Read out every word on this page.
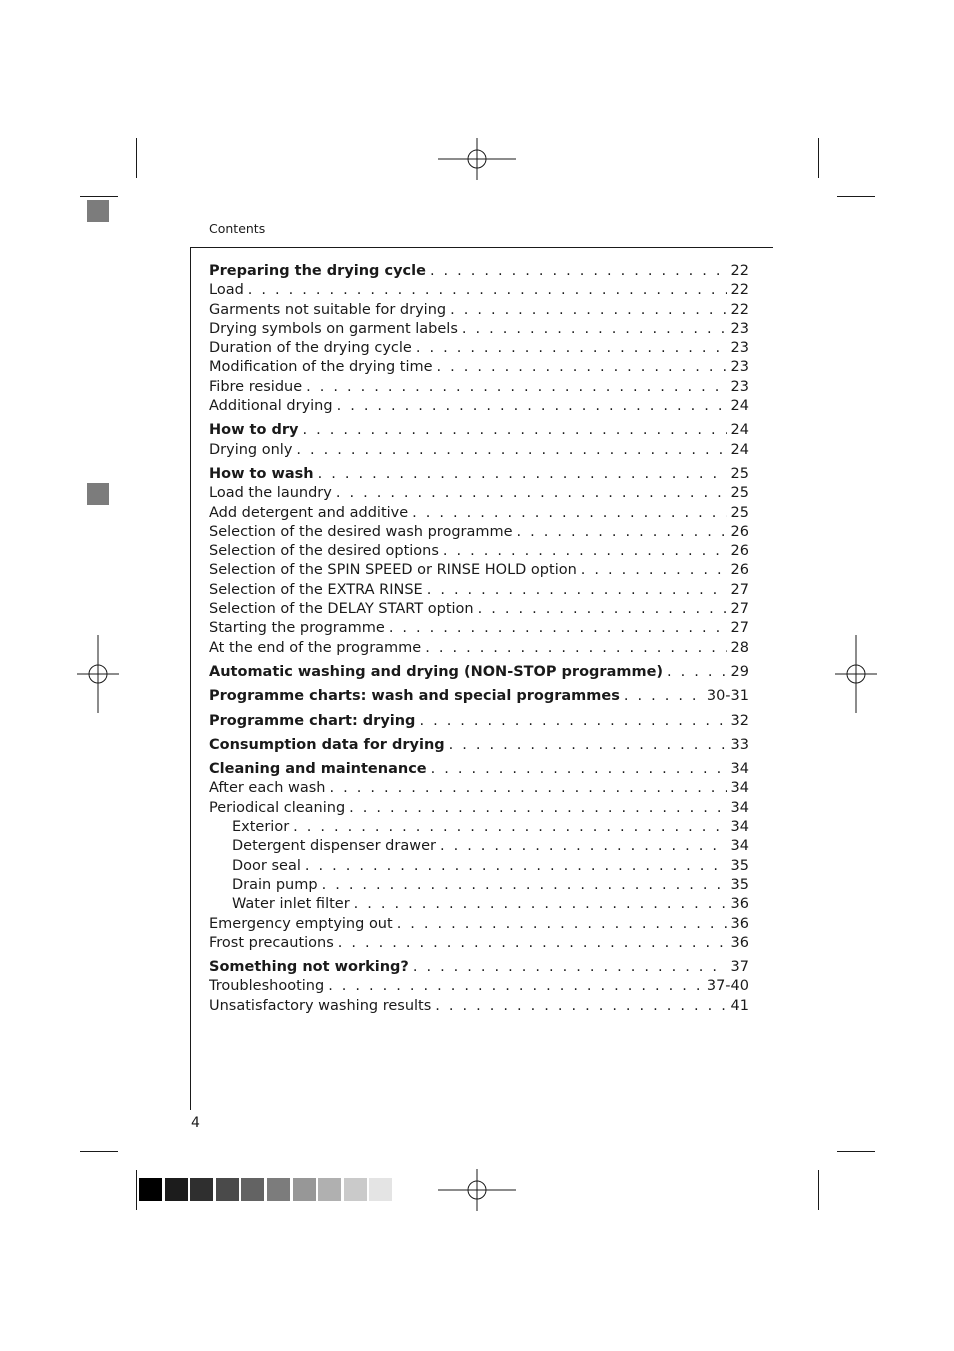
Contents
Preparing the drying cycle . . .	22
Load . . .	22
Garments not suitable for drying . . .	22
Drying symbols on garment labels . . .	23
Duration of the drying cycle . . .	23
Modification of the drying time . . .	23
Fibre residue . . .	23
Additional drying . . .	24
How to dry . . .	24
Drying only . . .	24
How to wash . . .	25
Load the laundry . . .	25
Add detergent and additive . . .	25
Selection of the desired wash programme . . .	26
Selection of the desired options . . .	26
Selection of the SPIN SPEED or RINSE HOLD option . . .	26
Selection of the EXTRA RINSE . . .	27
Selection of the DELAY START option . . .	27
Starting the programme . . .	27
At the end of the programme . . .	28
Automatic washing and drying (NON-STOP programme) . . .	29
Programme charts: wash and special programmes . . .	30-31
Programme chart: drying . . .	32
Consumption data for drying . . .	33
Cleaning and maintenance . . .	34
After each wash . . .	34
Periodical cleaning . . .	34
Exterior . . .	34
Detergent dispenser drawer . . .	34
Door seal . . .	35
Drain pump . . .	35
Water inlet filter . . .	36
Emergency emptying out . . .	36
Frost precautions . . .	36
Something not working? . . .	37
Troubleshooting . . .	37-40
Unsatisfactory washing results . . .	41
4
